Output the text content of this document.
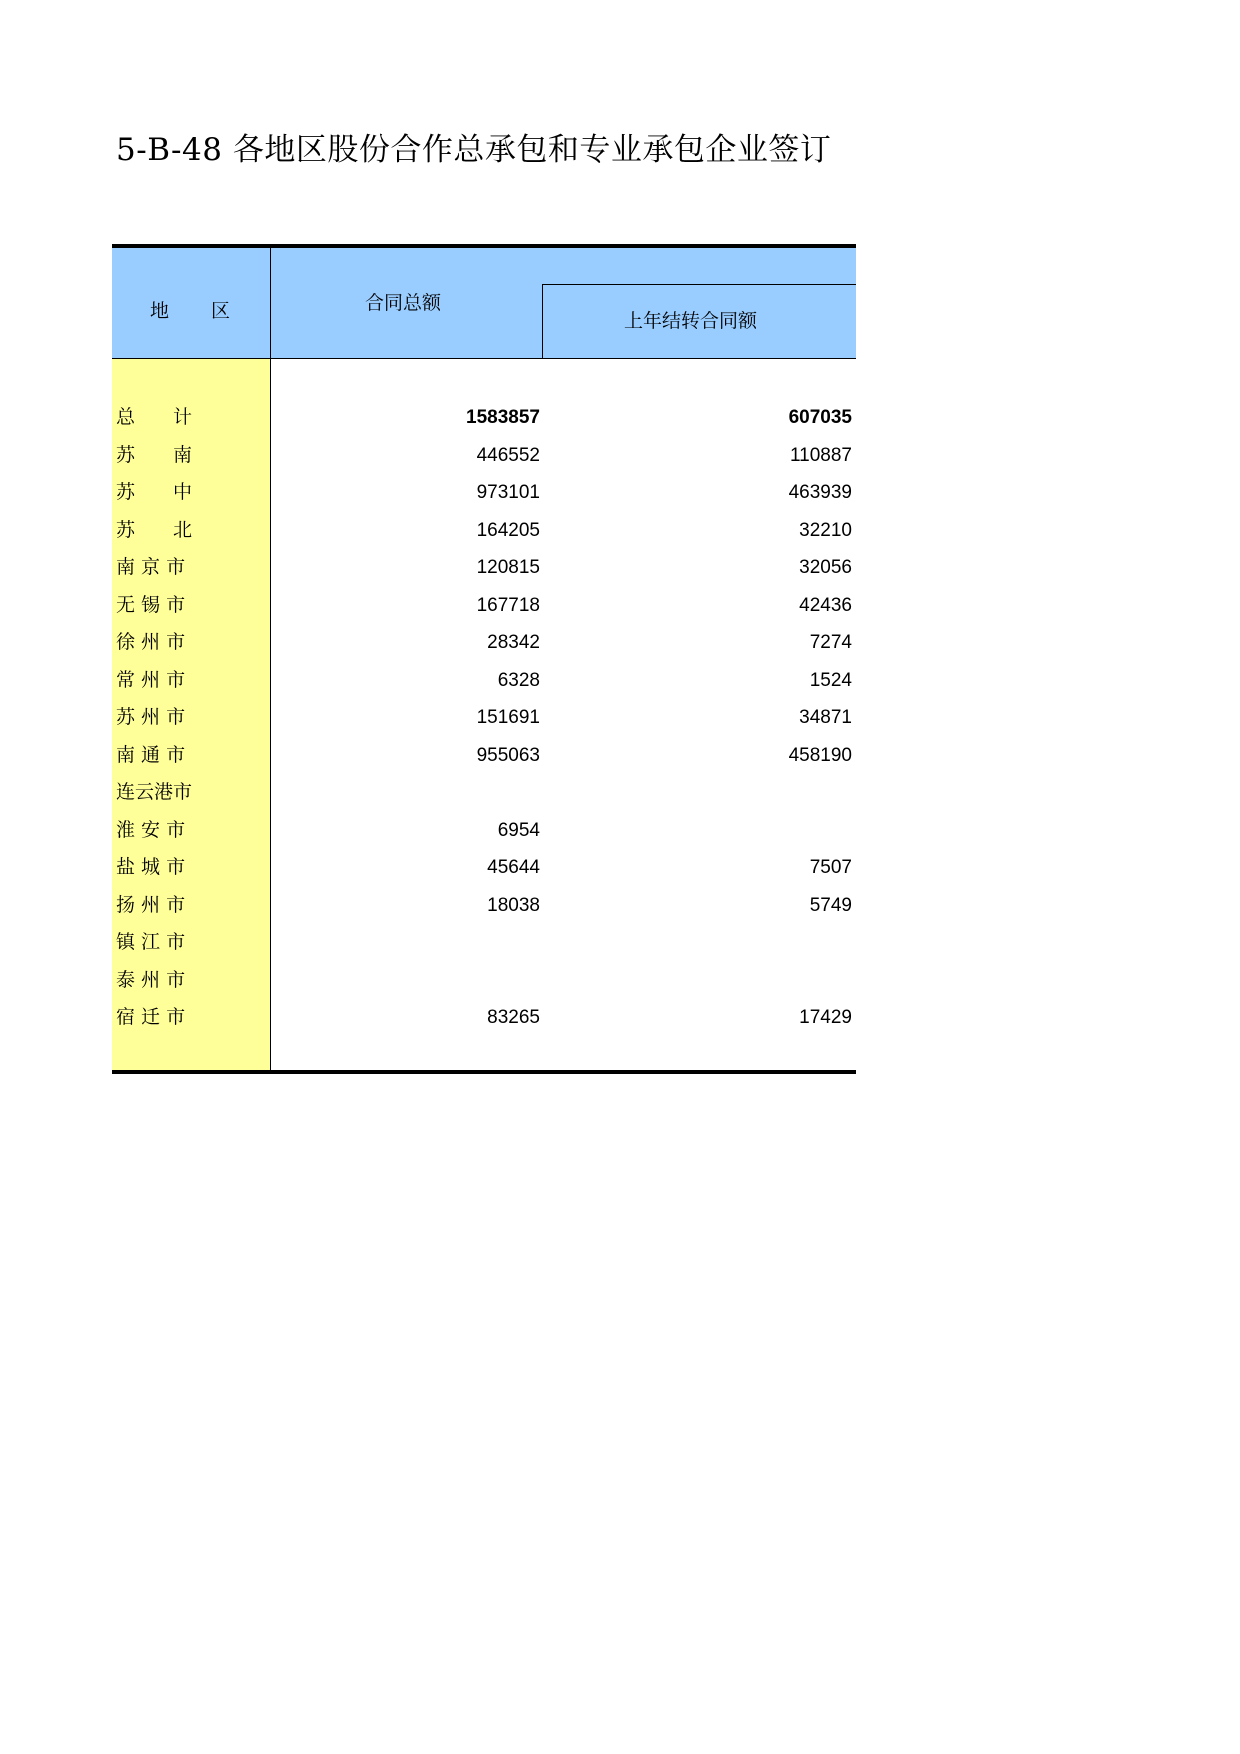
5-B-48 各地区股份合作总承包和专业承包企业签订
地 区	合同总额
上年结转合同额
总　　计	1583857	607035
苏　　南	446552	110887
苏　　中	973101	463939
苏　　北	164205	32210
南 京 市	120815	32056
无 锡 市	167718	42436
徐 州 市	28342	7274
常 州 市	6328	1524
苏 州 市	151691	34871
南 通 市	955063	458190
连云港市
淮 安 市	6954
盐 城 市	45644	7507
扬 州 市	18038	5749
镇 江 市
泰 州 市
宿 迁 市	83265	17429
